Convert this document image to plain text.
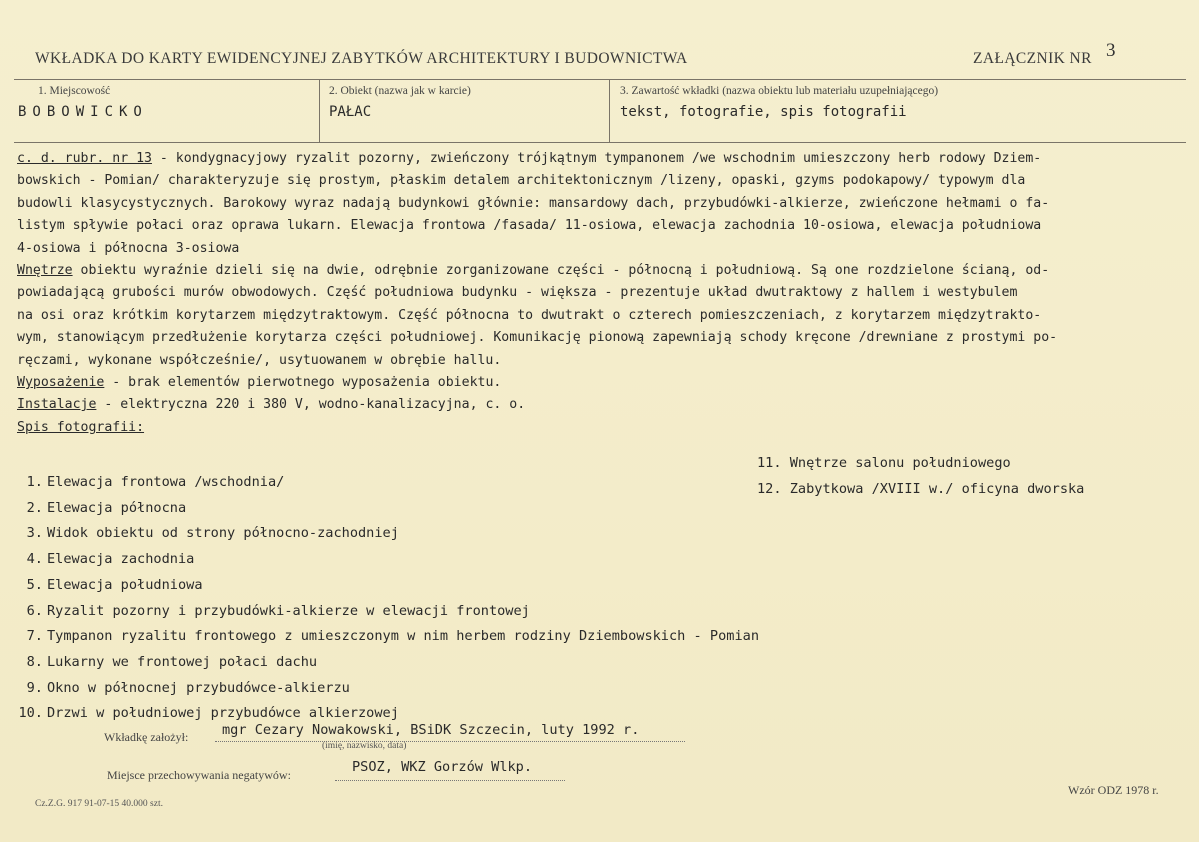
WKŁADKA DO KARTY EWIDENCYJNEJ ZABYTKÓW ARCHITEKTURY I BUDOWNICTWA	ZAŁĄCZNIK NR 3
1. Miejscowość
BOBOWICKO
2. Obiekt (nazwa jak w karcie)
PAŁAC
3. Zawartość wkładki (nazwa obiektu lub materiału uzupełniającego)
tekst, fotografie, spis fotografii
c. d. rubr. nr 13 - kondygnacyjowy ryzalit pozorny, zwieńczony trójkątnym tympanonem /we wschodnim umieszczony herb rodowy Dziem-
bowskich - Pomian/ charakteryzuje się prostym, płaskim detalem architektonicznym /lizeny, opaski, gzyms podokapowy/ typowym dla
budowli klasycystycznych. Barokowy wyraz nadają budynkowi głównie: mansardowy dach, przybudówki-alkierze, zwieńczone hełmami o fa-
listym spływie połaci oraz oprawa lukarn. Elewacja frontowa /fasada/ 11-osiowa, elewacja zachodnia 10-osiowa, elewacja południowa
4-osiowa i północna 3-osiowa
Wnętrze obiektu wyraźnie dzieli się na dwie, odrębnie zorganizowane części - północną i południową. Są one rozdzielone ścianą, od-
powiadającą grubości murów obwodowych. Część południowa budynku - większa - prezentuje układ dwutraktowy z hallem i westybulem
na osi oraz krótkim korytarzem międzytraktowym. Część północna to dwutrakt o czterech pomieszczeniach, z korytarzem międzytrakto-
wym, stanowiącym przedłużenie korytarza części południowej. Komunikację pionową zapewniają schody kręcone /drewniane z prostymi po-
ręczami, wykonane współcześnie/, usytuowanem w obrębie hallu.
Wyposażenie - brak elementów pierwotnego wyposażenia obiektu.
Instalacje - elektryczna 220 i 380 V, wodno-kanalizacyjna, c. o.
Spis fotografii:
1. Elewacja frontowa /wschodnia/
2. Elewacja północna
3. Widok obiektu od strony północno-zachodniej
4. Elewacja zachodnia
5. Elewacja południowa
6. Ryzalit pozorny i przybudówki-alkierze w elewacji frontowej
7. Tympanon ryzalitu frontowego z umieszczonym w nim herbem rodziny Dziembowskich - Pomian
8. Lukarny we frontowej połaci dachu
9. Okno w północnej przybudówce-alkierzu
10. Drzwi w południowej przybudówce alkierzowej
11. Wnętrze salonu południowego
12. Zabytkowa /XVIII w./ oficyna dworska
Wkładkę założył: mgr Cezary Nowakowski, BSiDK Szczecin, luty 1992 r.
(imię, nazwisko, data)
Miejsce przechowywania negatywów:	PSOZ, WKZ Gorzów Wlkp.
Cz.Z.G. 917 91-07-15 40.000 szt.
Wzór ODZ 1978 r.
